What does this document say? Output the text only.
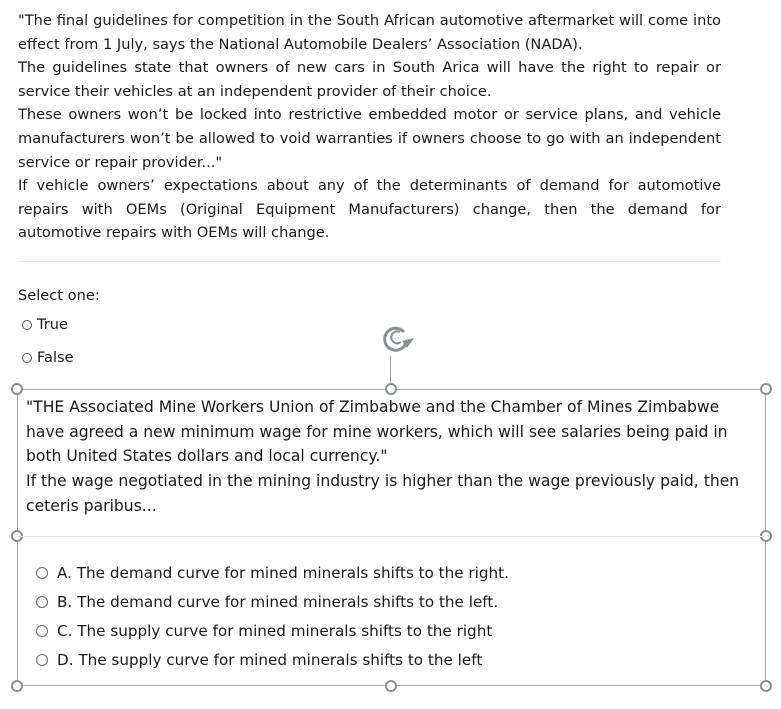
"The final guidelines for competition in the South African automotive aftermarket will come into effect from 1 July, says the National Automobile Dealers’ Association (NADA).

The guidelines state that owners of new cars in South Arica will have the right to repair or service their vehicles at an independent provider of their choice.

These owners won’t be locked into restrictive embedded motor or service plans, and vehicle manufacturers won’t be allowed to void warranties if owners choose to go with an independent service or repair provider..."

If vehicle owners’ expectations about any of the determinants of demand for automotive repairs with OEMs (Original Equipment Manufacturers) change, then the demand for automotive repairs with OEMs will change.

Select one:
True
False

"THE Associated Mine Workers Union of Zimbabwe and the Chamber of Mines Zimbabwe have agreed a new minimum wage for mine workers, which will see salaries being paid in both United States dollars and local currency."

If the wage negotiated in the mining industry is higher than the wage previously paid, then ceteris paribus...

A. The demand curve for mined minerals shifts to the right.
B. The demand curve for mined minerals shifts to the left.
C. The supply curve for mined minerals shifts to the right
D. The supply curve for mined minerals shifts to the left
